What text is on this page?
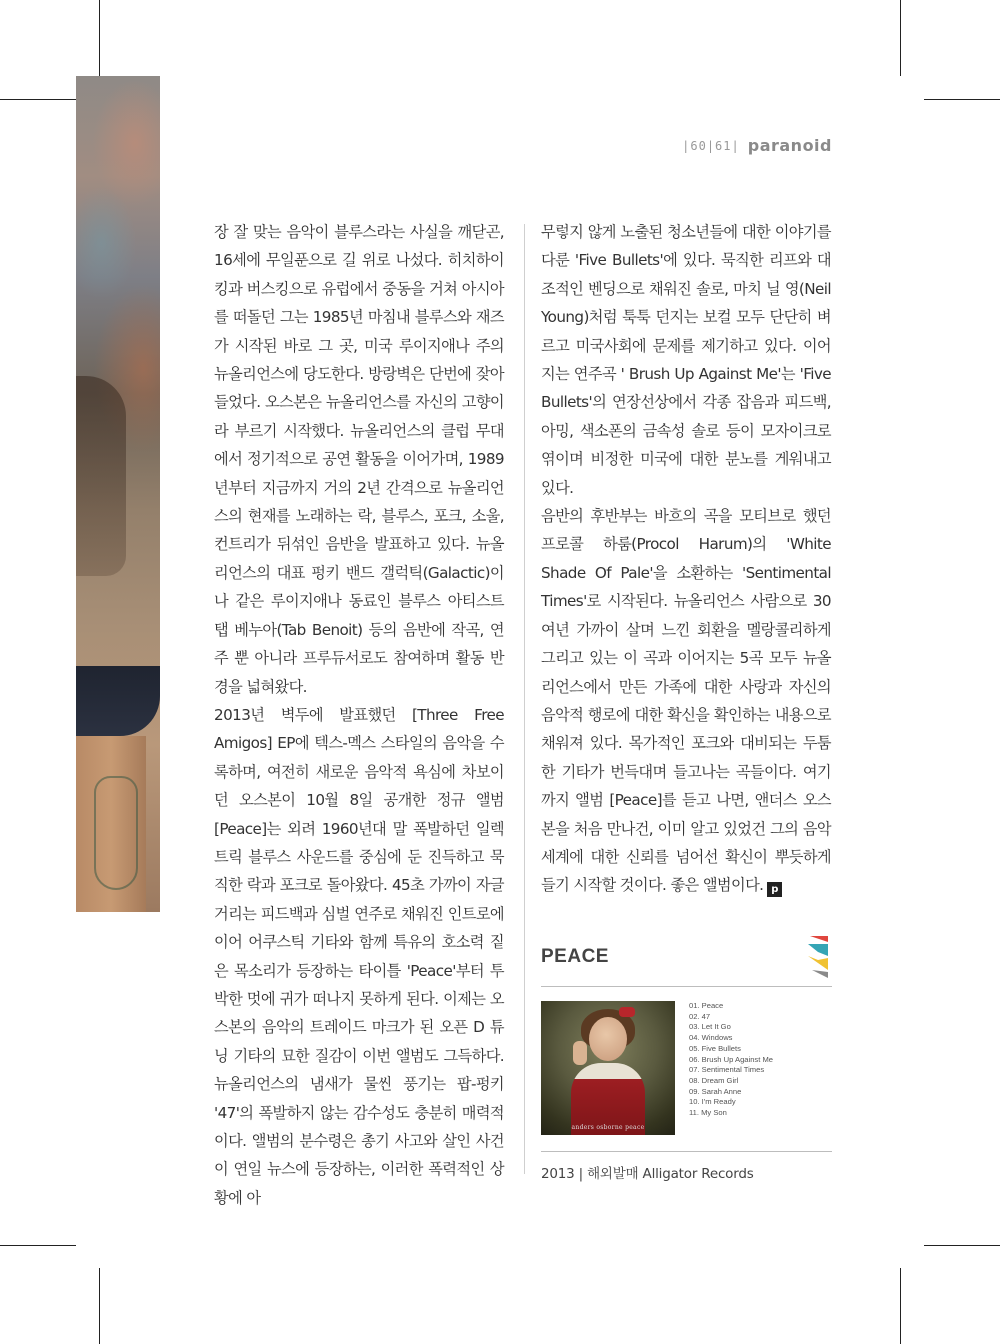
|60|61| paranoid

장 잘 맞는 음악이 블루스라는 사실을 깨닫곤, 16세에 무일푼으로 길 위로 나섰다. 히치하이킹과 버스킹으로 유럽에서 중동을 거쳐 아시아를 떠돌던 그는 1985년 마침내 블루스와 재즈가 시작된 바로 그 곳, 미국 루이지애나 주의 뉴올리언스에 당도한다. 방랑벽은 단번에 잦아들었다. 오스본은 뉴올리언스를 자신의 고향이라 부르기 시작했다. 뉴올리언스의 클럽 무대에서 정기적으로 공연 활동을 이어가며, 1989년부터 지금까지 거의 2년 간격으로 뉴올리언스의 현재를 노래하는 락, 블루스, 포크, 소울, 컨트리가 뒤섞인 음반을 발표하고 있다. 뉴올리언스의 대표 펑키 밴드 갤럭틱(Galactic)이나 같은 루이지애나 동료인 블루스 아티스트 탭 베누아(Tab Benoit) 등의 음반에 작곡, 연주 뿐 아니라 프루듀서로도 참여하며 활동 반경을 넓혀왔다.

2013년 벽두에 발표했던 [Three Free Amigos] EP에 텍스-멕스 스타일의 음악을 수록하며, 여전히 새로운 음악적 욕심에 차보이던 오스본이 10월 8일 공개한 정규 앨범 [Peace]는 외려 1960년대 말 폭발하던 일렉트릭 블루스 사운드를 중심에 둔 진득하고 묵직한 락과 포크로 돌아왔다. 45초 가까이 자글거리는 피드백과 심벌 연주로 채워진 인트로에 이어 어쿠스틱 기타와 함께 특유의 호소력 짙은 목소리가 등장하는 타이틀 'Peace'부터 투박한 멋에 귀가 떠나지 못하게 된다. 이제는 오스본의 음악의 트레이드 마크가 된 오픈 D 튜닝 기타의 묘한 질감이 이번 앨범도 그득하다. 뉴올리언스의 냄새가 물씬 풍기는 팝-펑키 '47'의 폭발하지 않는 감수성도 충분히 매력적이다. 앨범의 분수령은 총기 사고와 살인 사건이 연일 뉴스에 등장하는, 이러한 폭력적인 상황에 아

무렇지 않게 노출된 청소년들에 대한 이야기를 다룬 'Five Bullets'에 있다. 묵직한 리프와 대조적인 벤딩으로 채워진 솔로, 마치 닐 영(Neil Young)처럼 툭툭 던지는 보컬 모두 단단히 벼르고 미국사회에 문제를 제기하고 있다. 이어지는 연주곡 ' Brush Up Against Me'는 'Five Bullets'의 연장선상에서 각종 잡음과 피드백, 아밍, 색소폰의 금속성 솔로 등이 모자이크로 엮이며 비정한 미국에 대한 분노를 게워내고 있다.

음반의 후반부는 바흐의 곡을 모티브로 했던 프로콜 하룸(Procol Harum)의 'White Shade Of Pale'을 소환하는 'Sentimental Times'로 시작된다. 뉴올리언스 사람으로 30여년 가까이 살며 느낀 회환을 멜랑콜리하게 그리고 있는 이 곡과 이어지는 5곡 모두 뉴올리언스에서 만든 가족에 대한 사랑과 자신의 음악적 행로에 대한 확신을 확인하는 내용으로 채워져 있다. 목가적인 포크와 대비되는 두툼한 기타가 번득대며 들고나는 곡들이다. 여기까지 앨범 [Peace]를 듣고 나면, 앤더스 오스본을 처음 만나건, 이미 알고 있었건 그의 음악 세계에 대한 신뢰를 넘어선 확신이 뿌듯하게 들기 시작할 것이다. 좋은 앨범이다. p

PEACE
anders osborne peace
01. Peace
02. 47
03. Let It Go
04. Windows
05. Five Bullets
06. Brush Up Against Me
07. Sentimental Times
08. Dream Girl
09. Sarah Anne
10. I'm Ready
11. My Son
2013 | 해외발매 Alligator Records
